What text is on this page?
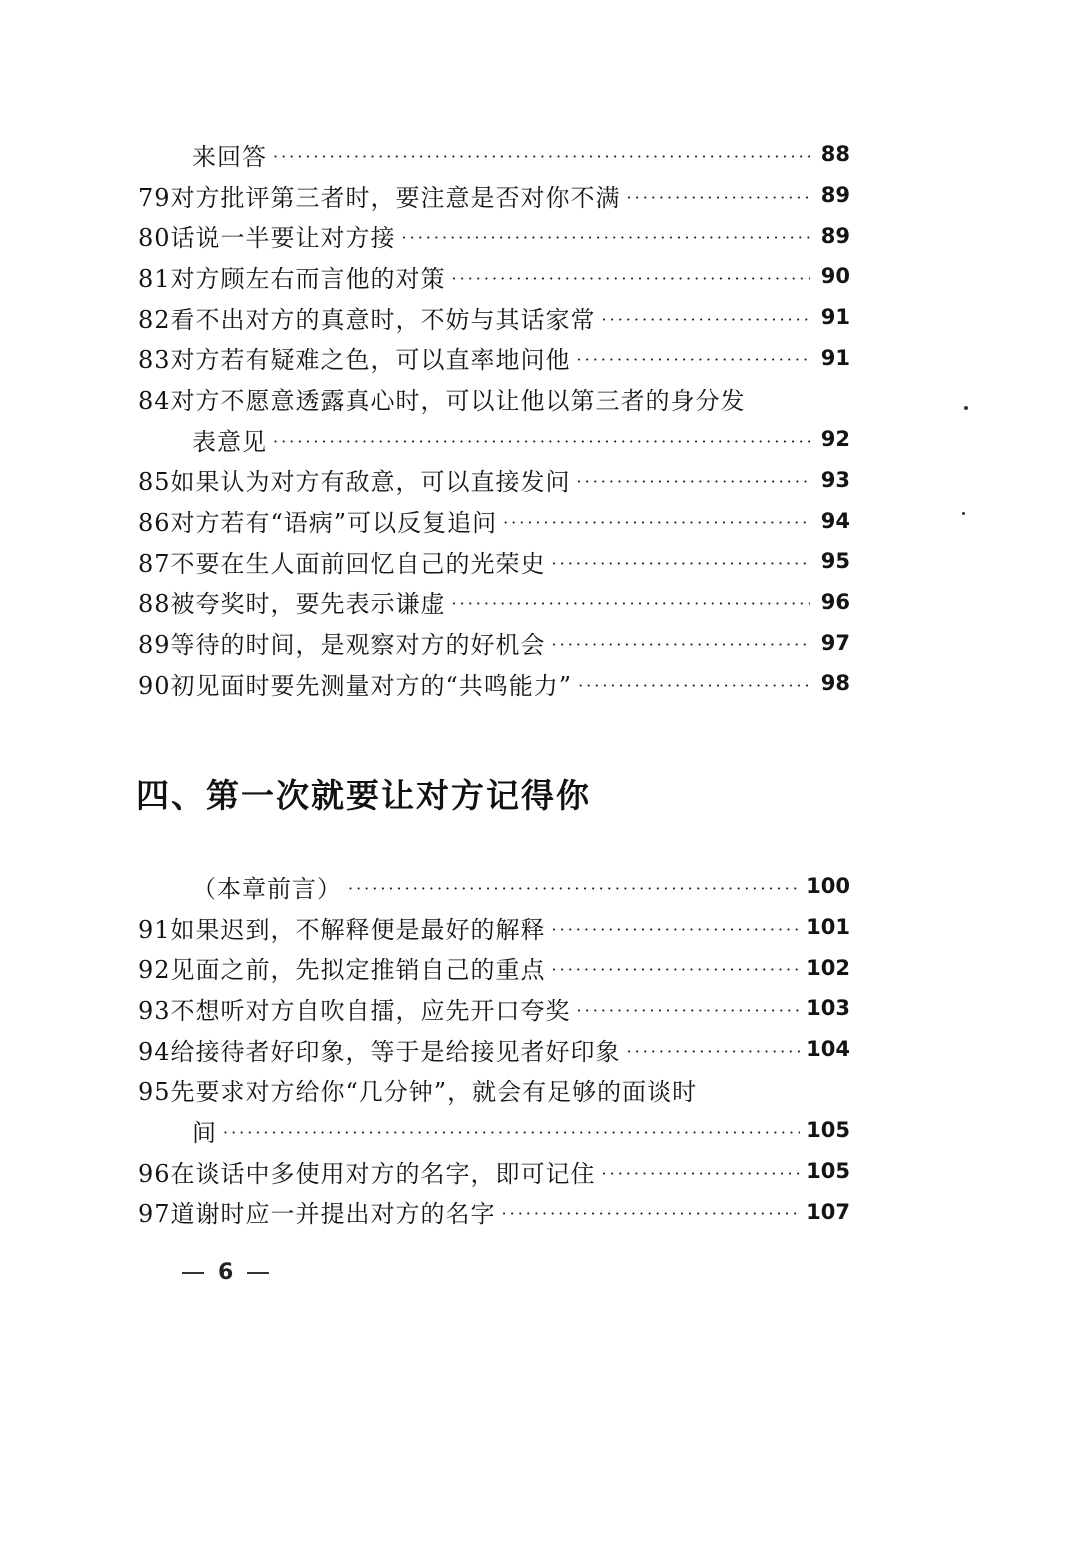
来回答 ·····	88
79对方批评第三者时，要注意是否对你不满 ·····	89
80话说一半要让对方接 ·····	89
81对方顾左右而言他的对策 ·····	90
82看不出对方的真意时，不妨与其话家常 ·····	91
83对方若有疑难之色，可以直率地问他 ·····	91
84对方不愿意透露真心时，可以让他以第三者的身分发
表意见 ·····	92
85如果认为对方有敌意，可以直接发问 ·····	93
86对方若有“语病”可以反复追问 ·····	94
87不要在生人面前回忆自己的光荣史 ·····	95
88被夸奖时，要先表示谦虚 ·····	96
89等待的时间，是观察对方的好机会 ·····	97
90初见面时要先测量对方的“共鸣能力” ·····	98
四、第一次就要让对方记得你
（本章前言） ·····	100
91如果迟到，不解释便是最好的解释 ·····	101
92见面之前，先拟定推销自己的重点 ·····	102
93不想听对方自吹自擂，应先开口夸奖 ·····	103
94给接待者好印象，等于是给接见者好印象 ·····	104
95先要求对方给你“几分钟”，就会有足够的面谈时
间 ·····	105
96在谈话中多使用对方的名字，即可记住 ·····	105
97道谢时应一并提出对方的名字 ·····	107
6
